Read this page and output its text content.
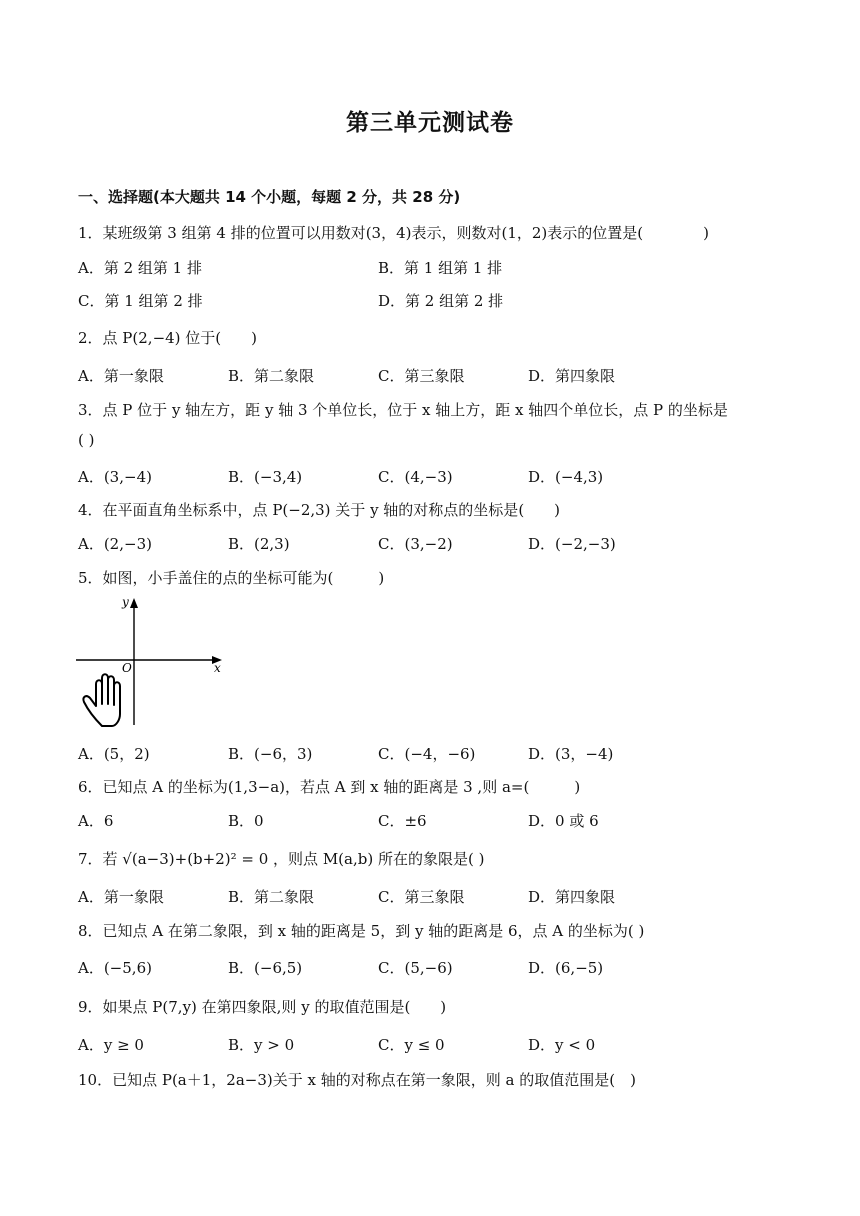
第三单元测试卷
一、选择题(本大题共 14 个小题，每题 2 分，共 28 分)
1．某班级第 3 组第 4 排的位置可以用数对(3，4)表示，则数对(1，2)表示的位置是(　　　　)
A．第 2 组第 1 排	B．第 1 组第 1 排
C．第 1 组第 2 排	D．第 2 组第 2 排
2．点 P(2,−4) 位于(　　)
A．第一象限	B．第二象限	C．第三象限	D．第四象限
3．点 P 位于 y 轴左方，距 y 轴 3 个单位长，位于 x 轴上方，距 x 轴四个单位长，点 P 的坐标是
( )
A．(3,−4)	B．(−3,4)	C．(4,−3)	D．(−4,3)
4．在平面直角坐标系中，点 P(−2,3) 关于 y 轴的对称点的坐标是(　　)
A．(2,−3)	B．(2,3)	C．(3,−2)	D．(−2,−3)
5．如图，小手盖住的点的坐标可能为(　　　)
y
x
O
A．(5，2)	B．(−6，3)	C．(−4，−6)	D．(3，−4)
6．已知点 A 的坐标为(1,3−a)，若点 A 到 x 轴的距离是 3 ,则 a=(　　　)
A．6	B．0	C．±6	D．0 或 6
7．若 √(a−3)+(b+2)² = 0 ，则点 M(a,b) 所在的象限是( )
A．第一象限	B．第二象限	C．第三象限	D．第四象限
8．已知点 A 在第二象限，到 x 轴的距离是 5，到 y 轴的距离是 6，点 A 的坐标为( )
A．(−5,6)	B．(−6,5)	C．(5,−6)	D．(6,−5)
9．如果点 P(7,y) 在第四象限,则 y 的取值范围是(　　)
A．y ≥ 0	B．y > 0	C．y ≤ 0	D．y < 0
10．已知点 P(a＋1，2a−3)关于 x 轴的对称点在第一象限，则 a 的取值范围是(　)
